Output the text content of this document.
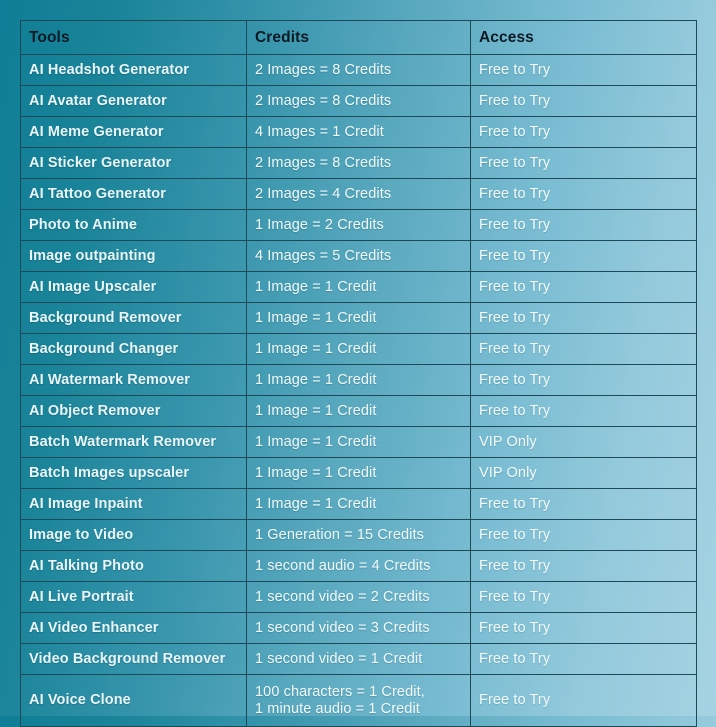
Tools	Credits	Access
AI Headshot Generator	2 Images = 8 Credits	Free to Try
AI Avatar Generator	2 Images = 8 Credits	Free to Try
AI Meme Generator	4 Images = 1 Credit	Free to Try
AI Sticker Generator	2 Images = 8 Credits	Free to Try
AI Tattoo Generator	2 Images = 4 Credits	Free to Try
Photo to Anime	1 Image = 2 Credits	Free to Try
Image outpainting	4 Images = 5 Credits	Free to Try
AI Image Upscaler	1 Image = 1 Credit	Free to Try
Background Remover	1 Image = 1 Credit	Free to Try
Background Changer	1 Image = 1 Credit	Free to Try
AI Watermark Remover	1 Image = 1 Credit	Free to Try
AI Object Remover	1 Image = 1 Credit	Free to Try
Batch Watermark Remover	1 Image = 1 Credit	VIP Only
Batch Images upscaler	1 Image = 1 Credit	VIP Only
AI Image Inpaint	1 Image = 1 Credit	Free to Try
Image to Video	1 Generation = 15 Credits	Free to Try
AI Talking Photo	1 second audio = 4 Credits	Free to Try
AI Live Portrait	1 second video = 2 Credits	Free to Try
AI Video Enhancer	1 second video = 3 Credits	Free to Try
Video Background Remover	1 second video = 1 Credit	Free to Try
AI Voice Clone	100 characters = 1 Credit,
1 minute audio = 1 Credit	Free to Try
